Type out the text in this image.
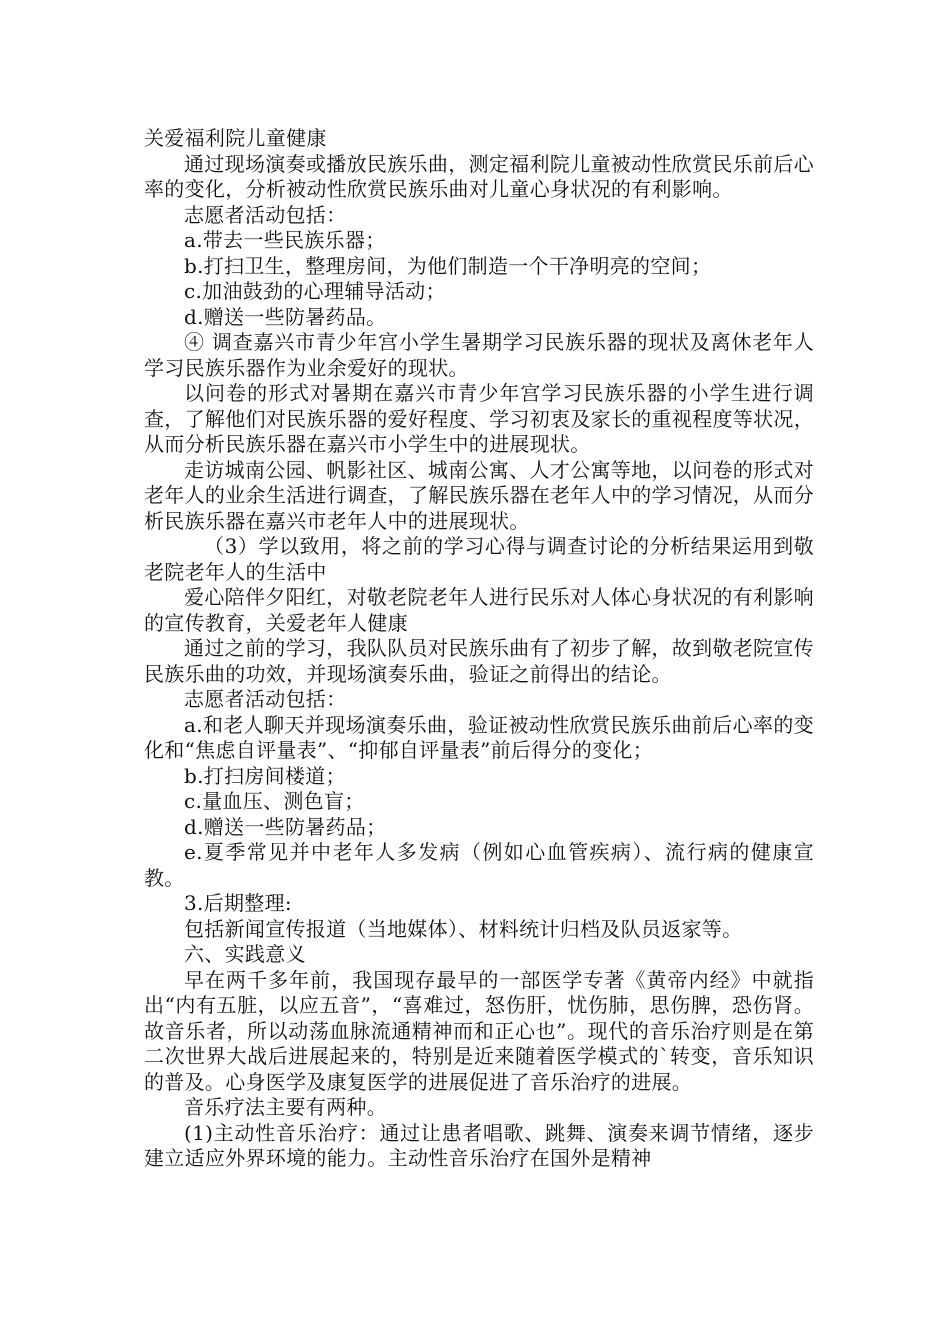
关爱福利院儿童健康

通过现场演奏或播放民族乐曲，测定福利院儿童被动性欣赏民乐前后心率的变化，分析被动性欣赏民族乐曲对儿童心身状况的有利影响。

志愿者活动包括：

a.带去一些民族乐器；

b.打扫卫生，整理房间，为他们制造一个干净明亮的空间；

c.加油鼓劲的心理辅导活动；

d.赠送一些防暑药品。

④ 调查嘉兴市青少年宫小学生暑期学习民族乐器的现状及离休老年人学习民族乐器作为业余爱好的现状。

以问卷的形式对暑期在嘉兴市青少年宫学习民族乐器的小学生进行调查，了解他们对民族乐器的爱好程度、学习初衷及家长的重视程度等状况，从而分析民族乐器在嘉兴市小学生中的进展现状。

走访城南公园、帆影社区、城南公寓、人才公寓等地，以问卷的形式对老年人的业余生活进行调查，了解民族乐器在老年人中的学习情况，从而分析民族乐器在嘉兴市老年人中的进展现状。

（3）学以致用，将之前的学习心得与调查讨论的分析结果运用到敬老院老年人的生活中

爱心陪伴夕阳红，对敬老院老年人进行民乐对人体心身状况的有利影响的宣传教育，关爱老年人健康

通过之前的学习，我队队员对民族乐曲有了初步了解，故到敬老院宣传民族乐曲的功效，并现场演奏乐曲，验证之前得出的结论。

志愿者活动包括：

a.和老人聊天并现场演奏乐曲，验证被动性欣赏民族乐曲前后心率的变化和“焦虑自评量表”、“抑郁自评量表”前后得分的变化；

b.打扫房间楼道；

c.量血压、测色盲；

d.赠送一些防暑药品；

e.夏季常见并中老年人多发病（例如心血管疾病）、流行病的健康宣教。

3.后期整理:

包括新闻宣传报道（当地媒体）、材料统计归档及队员返家等。

六、实践意义

早在两千多年前，我国现存最早的一部医学专著《黄帝内经》中就指出“内有五脏，以应五音”，“喜难过，怒伤肝，忧伤肺，思伤脾，恐伤肾。故音乐者，所以动荡血脉流通精神而和正心也”。现代的音乐治疗则是在第二次世界大战后进展起来的，特别是近来随着医学模式的`转变，音乐知识的普及。心身医学及康复医学的进展促进了音乐治疗的进展。

音乐疗法主要有两种。

(1)主动性音乐治疗：通过让患者唱歌、跳舞、演奏来调节情绪，逐步建立适应外界环境的能力。主动性音乐治疗在国外是精神
